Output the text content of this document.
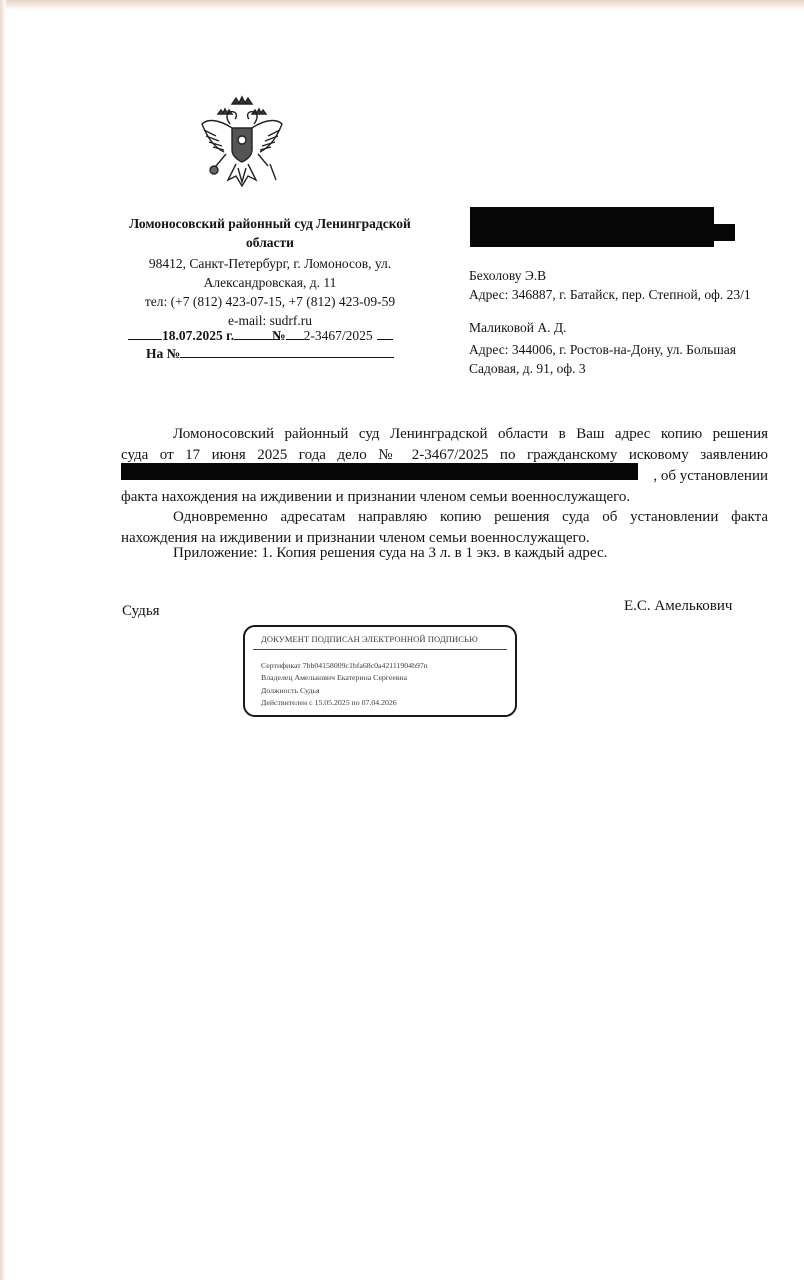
Ломоносовский районный суд Ленинградской
области
98412, Санкт-Петербург, г. Ломоносов, ул.
Александровская, д. 11
тел: (+7 (812) 423-07-15, +7 (812) 423-09-59
e-mail: sudrf.ru
18.07.2025 г.	№ 2-3467/2025
На №
Бехолову Э.В
Адрес: 346887, г. Батайск, пер. Степной, оф. 23/1
Маликовой А. Д.
Адрес: 344006, г. Ростов-на-Дону, ул. Большая
Садовая, д. 91, оф. 3
Ломоносовский районный суд Ленинградской области в Ваш адрес копию решения
суда от 17 июня 2025 года дело № 2-3467/2025 по гражданскому исковому заявлению
, об установлении
факта нахождения на иждивении и признании членом семьи военнослужащего.
Одновременно адресатам направляю копию решения суда об установлении факта
нахождения на иждивении и признании членом семьи военнослужащего.
Приложение: 1. Копия решения суда на 3 л. в 1 экз. в каждый адрес.
Судья	Е.С. Амелькович
ДОКУМЕНТ ПОДПИСАН ЭЛЕКТРОННОЙ ПОДПИСЬЮ
Сертификат 7bb04158009c1bfa68c0a42111904b97n
Владелец Амелькович Екатерина Сергеевна
Должность Судья
Действителен с 15.05.2025 по 07.04.2026
